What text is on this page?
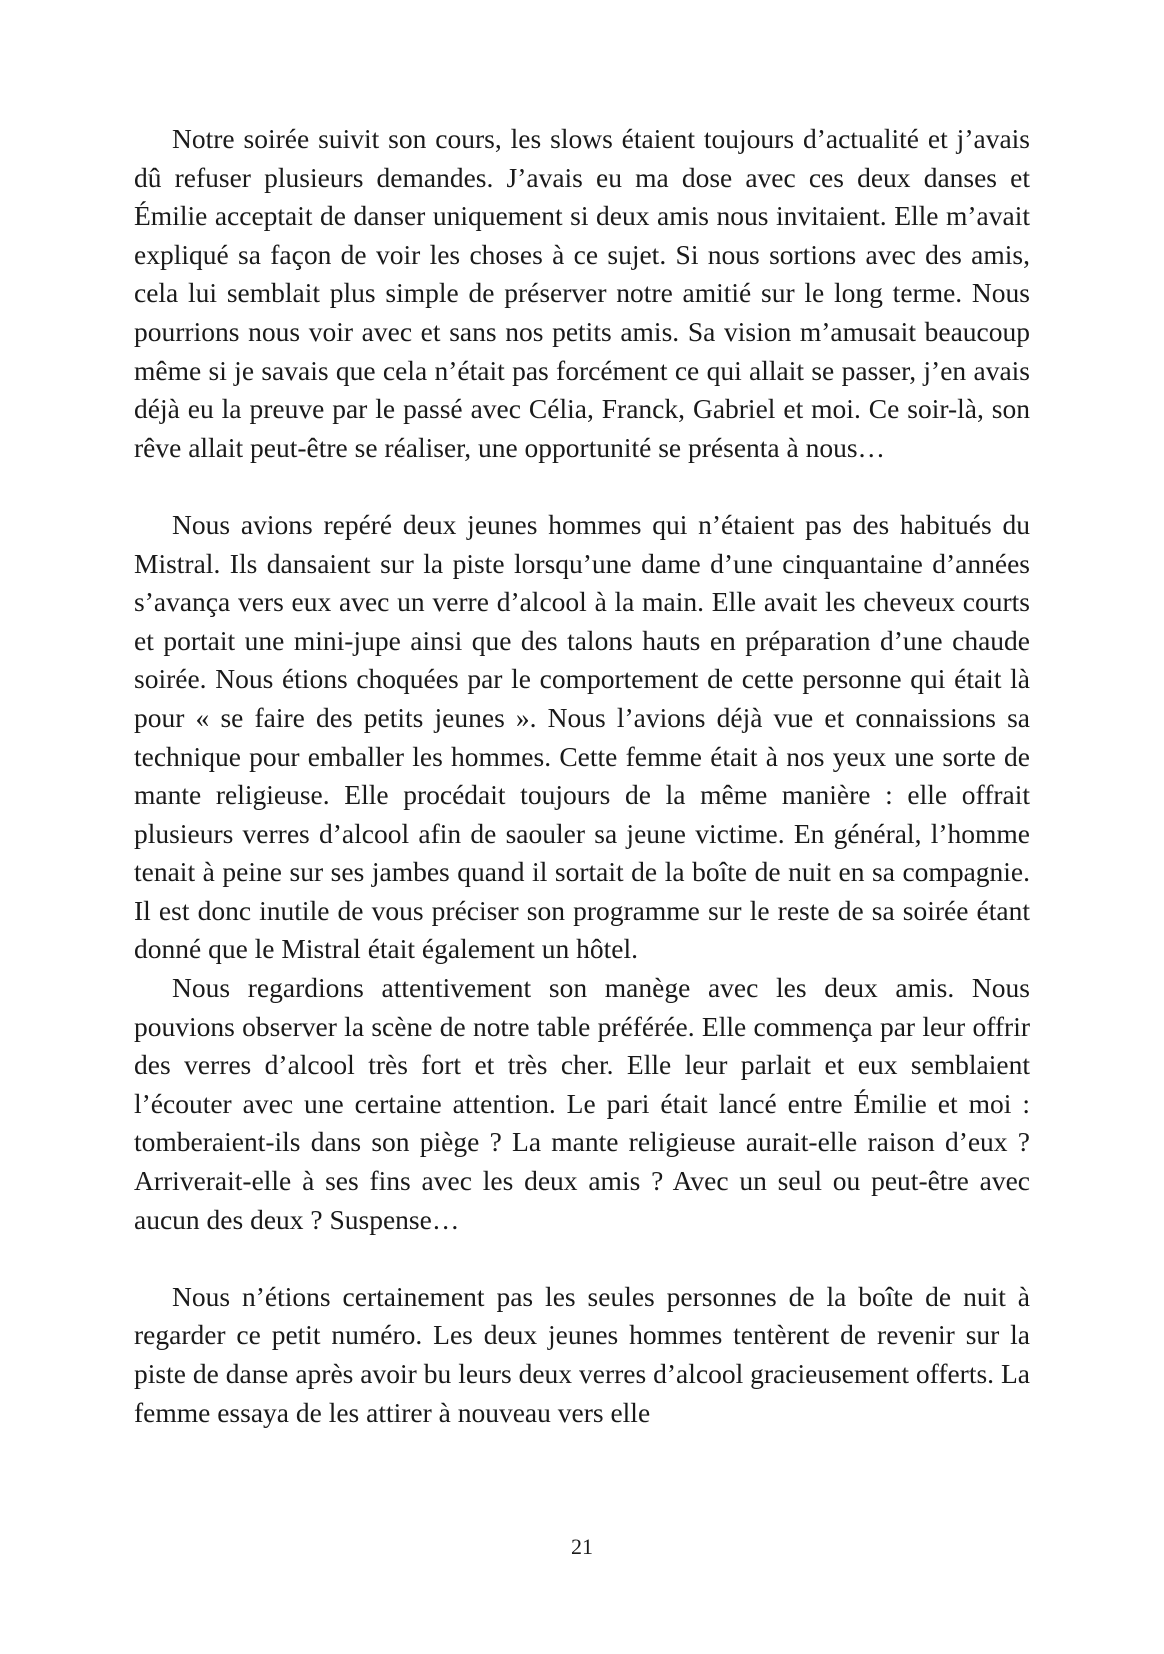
Notre soirée suivit son cours, les slows étaient toujours d’actualité et j’avais dû refuser plusieurs demandes. J’avais eu ma dose avec ces deux danses et Émilie acceptait de danser uniquement si deux amis nous invitaient. Elle m’avait expliqué sa façon de voir les choses à ce sujet. Si nous sortions avec des amis, cela lui semblait plus simple de préserver notre amitié sur le long terme. Nous pourrions nous voir avec et sans nos petits amis. Sa vision m’amusait beaucoup même si je savais que cela n’était pas forcément ce qui allait se passer, j’en avais déjà eu la preuve par le passé avec Célia, Franck, Gabriel et moi. Ce soir-là, son rêve allait peut-être se réaliser, une opportunité se présenta à nous…

Nous avions repéré deux jeunes hommes qui n’étaient pas des habitués du Mistral. Ils dansaient sur la piste lorsqu’une dame d’une cinquantaine d’années s’avança vers eux avec un verre d’alcool à la main. Elle avait les cheveux courts et portait une mini-jupe ainsi que des talons hauts en préparation d’une chaude soirée. Nous étions choquées par le comportement de cette personne qui était là pour « se faire des petits jeunes ». Nous l’avions déjà vue et connaissions sa technique pour emballer les hommes. Cette femme était à nos yeux une sorte de mante religieuse. Elle procédait toujours de la même manière : elle offrait plusieurs verres d’alcool afin de saouler sa jeune victime. En général, l’homme tenait à peine sur ses jambes quand il sortait de la boîte de nuit en sa compagnie. Il est donc inutile de vous préciser son programme sur le reste de sa soirée étant donné que le Mistral était également un hôtel.

Nous regardions attentivement son manège avec les deux amis. Nous pouvions observer la scène de notre table préférée. Elle commença par leur offrir des verres d’alcool très fort et très cher. Elle leur parlait et eux semblaient l’écouter avec une certaine attention. Le pari était lancé entre Émilie et moi : tomberaient-ils dans son piège ? La mante religieuse aurait-elle raison d’eux ? Arriverait-elle à ses fins avec les deux amis ? Avec un seul ou peut-être avec aucun des deux ? Suspense…

Nous n’étions certainement pas les seules personnes de la boîte de nuit à regarder ce petit numéro. Les deux jeunes hommes tentèrent de revenir sur la piste de danse après avoir bu leurs deux verres d’alcool gracieusement offerts. La femme essaya de les attirer à nouveau vers elle

21
